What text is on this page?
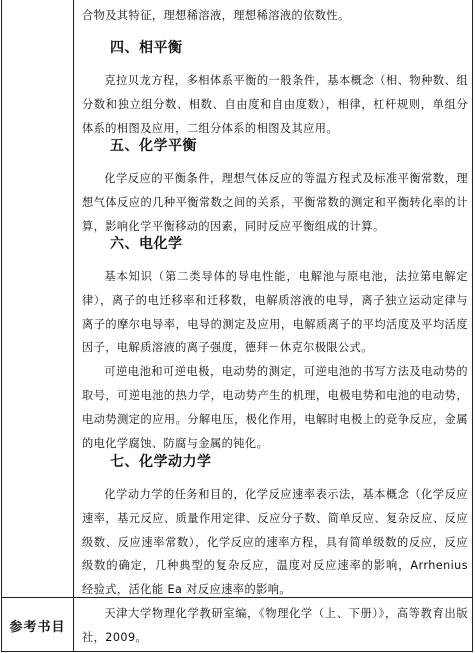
合物及其特征，理想稀溶液，理想稀溶液的依数性。

四、相平衡

克拉贝龙方程，多相体系平衡的一般条件，基本概念（相、物种数、组分数和独立组分数、相数、自由度和自由度数），相律，杠杆规则，单组分体系的相图及应用，二组分体系的相图及其应用。

五、化学平衡

化学反应的平衡条件，理想气体反应的等温方程式及标准平衡常数，理想气体反应的几种平衡常数之间的关系，平衡常数的测定和平衡转化率的计算，影响化学平衡移动的因素，同时反应平衡组成的计算。

六、电化学

基本知识（第二类导体的导电性能，电解池与原电池，法拉第电解定律），离子的电迁移率和迁移数，电解质溶液的电导，离子独立运动定律与离子的摩尔电导率，电导的测定及应用，电解质离子的平均活度及平均活度因子，电解质溶液的离子强度，德拜－休克尔极限公式。

可逆电池和可逆电极，电动势的测定，可逆电池的书写方法及电动势的取号，可逆电池的热力学，电动势产生的机理，电极电势和电池的电动势，电动势测定的应用。分解电压，极化作用，电解时电极上的竞争反应，金属的电化学腐蚀、防腐与金属的钝化。

七、化学动力学

化学动力学的任务和目的，化学反应速率表示法，基本概念（化学反应速率，基元反应、质量作用定律、反应分子数、简单反应、复杂反应、反应级数、反应速率常数），化学反应的速率方程，具有简单级数的反应，反应级数的确定，几种典型的复杂反应，温度对反应速率的影响，Arrhenius 经验式，活化能 Ea 对反应速率的影响。

参考书目

天津大学物理化学教研室编，《物理化学（上、下册）》，高等教育出版社，2009。
